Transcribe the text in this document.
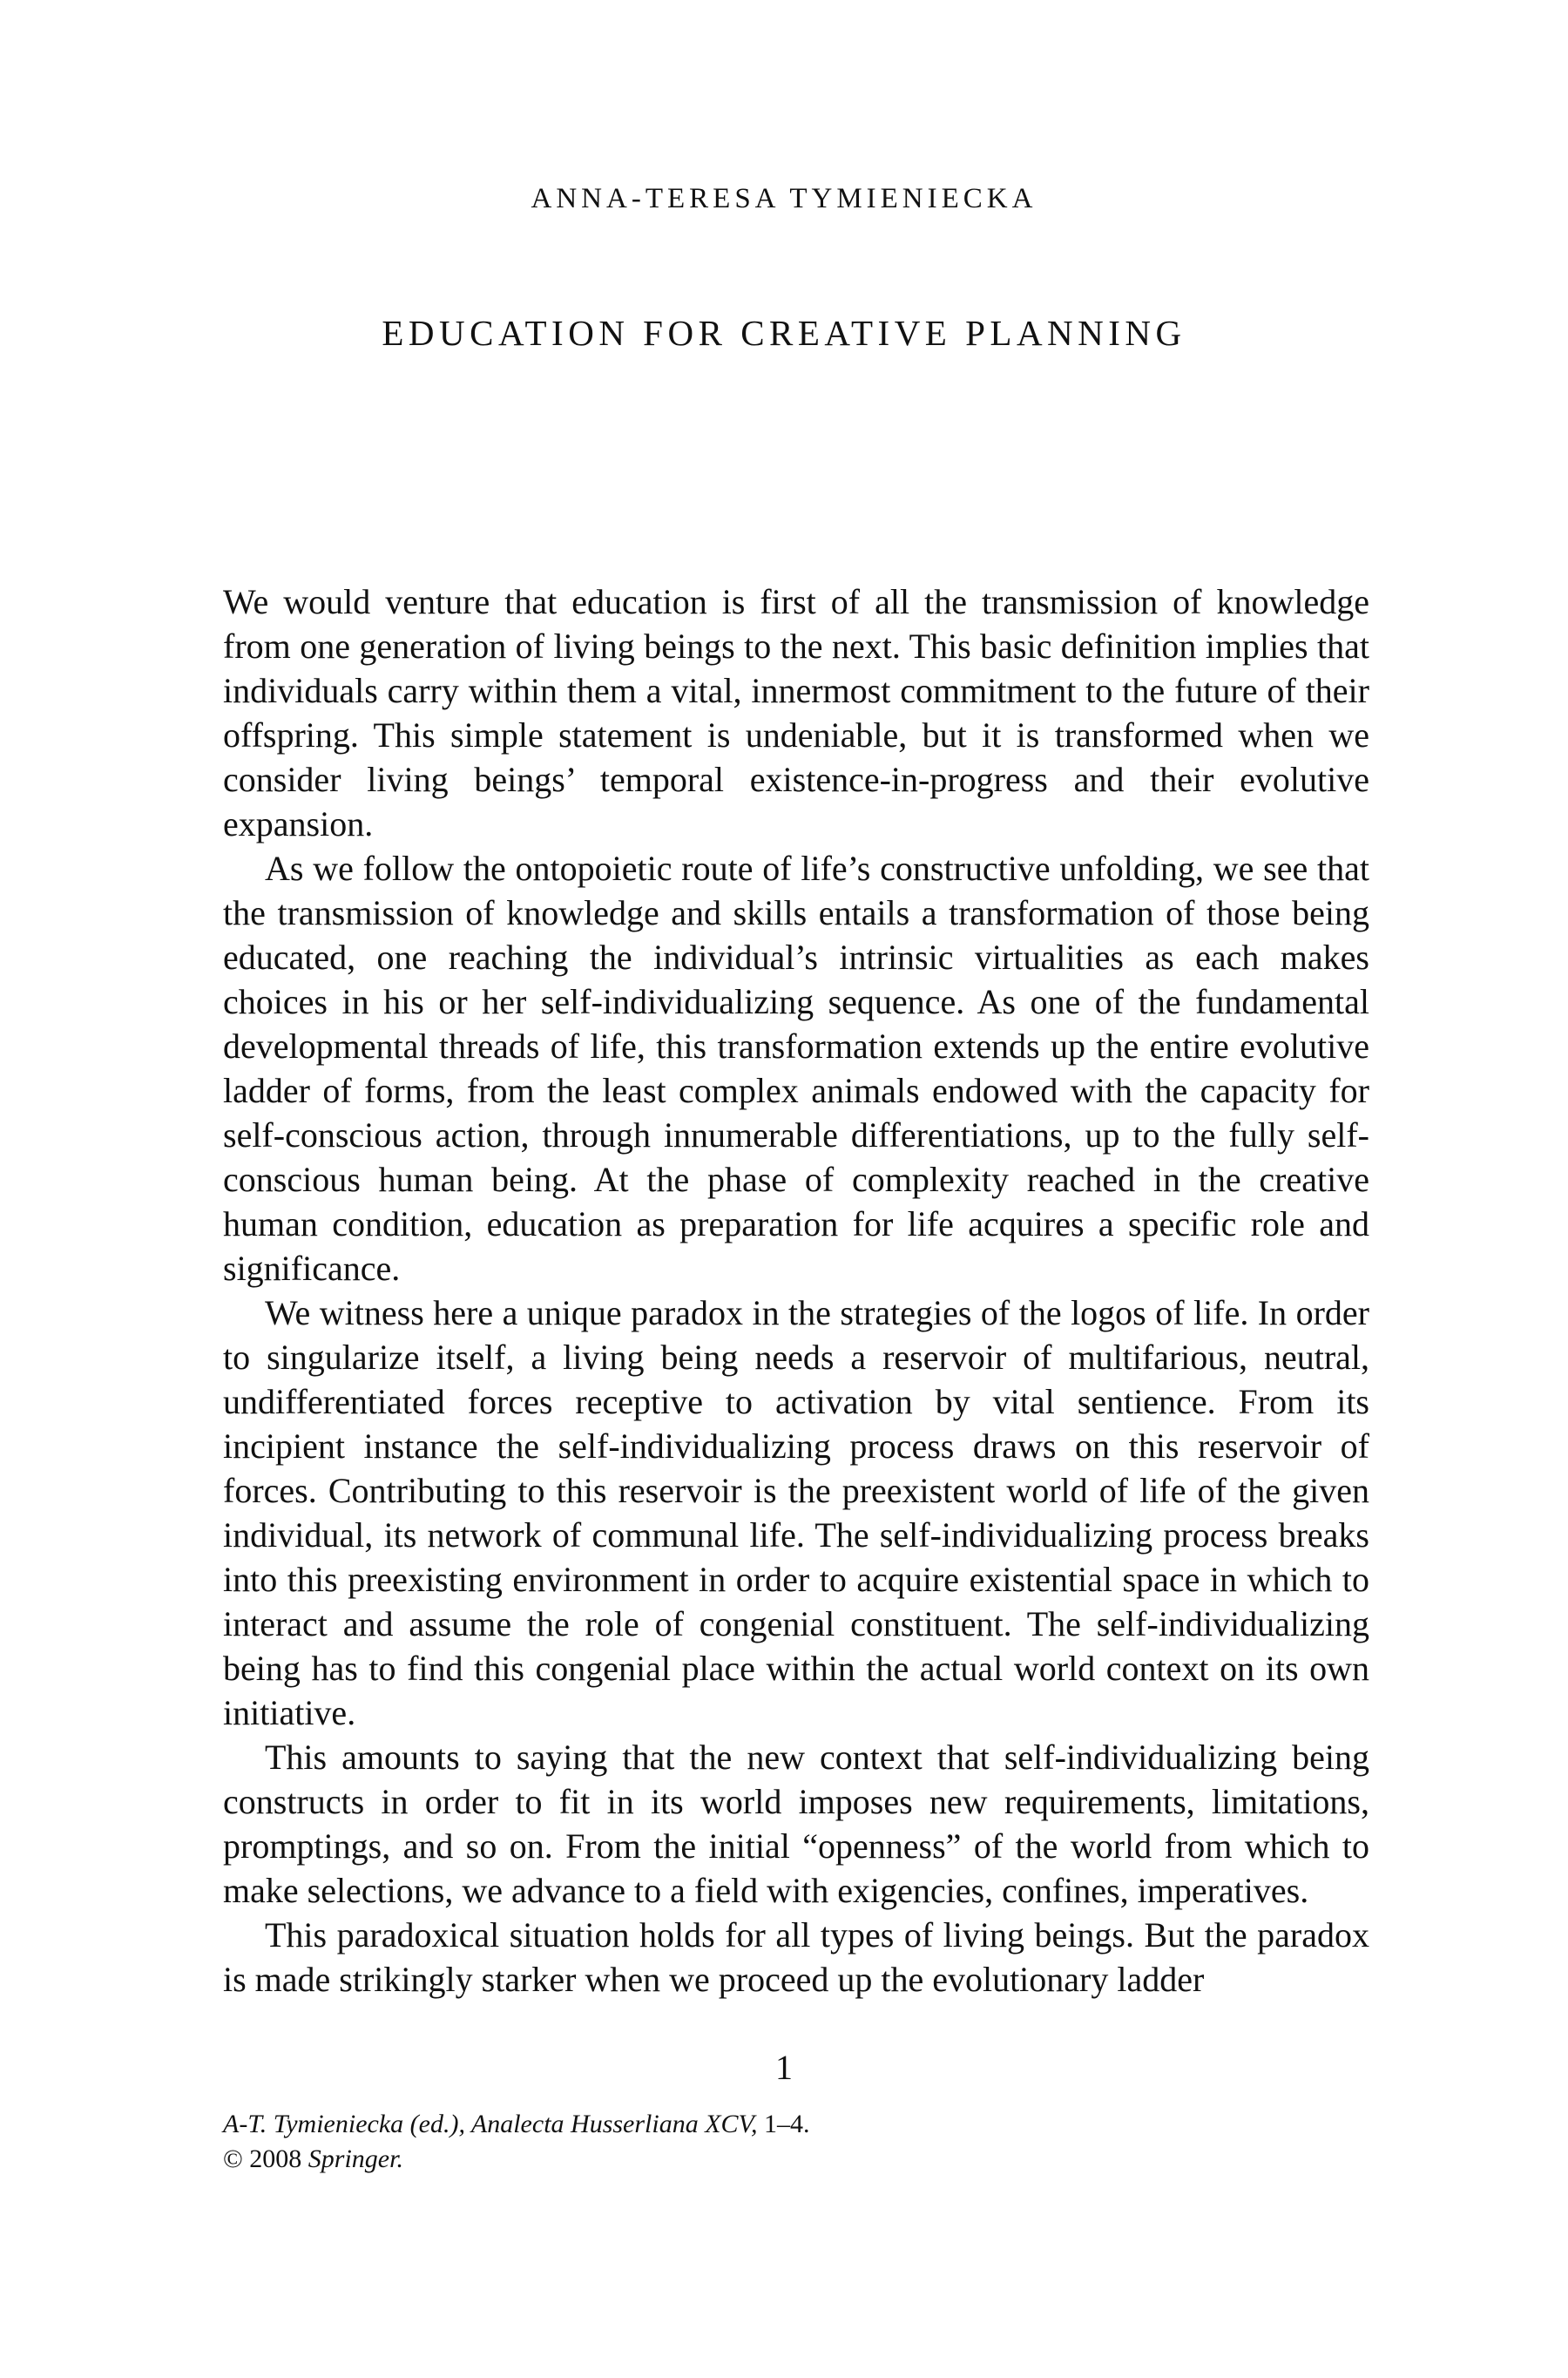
ANNA-TERESA TYMIENIECKA
EDUCATION FOR CREATIVE PLANNING

We would venture that education is first of all the transmission of knowledge from one generation of living beings to the next. This basic definition implies that individuals carry within them a vital, innermost commitment to the future of their offspring. This simple statement is undeniable, but it is transformed when we consider living beings’ temporal existence-in-progress and their evolutive expansion.

As we follow the ontopoietic route of life’s constructive unfolding, we see that the transmission of knowledge and skills entails a transformation of those being educated, one reaching the individual’s intrinsic virtualities as each makes choices in his or her self-individualizing sequence. As one of the fundamental developmental threads of life, this transformation extends up the entire evolutive ladder of forms, from the least complex animals endowed with the capacity for self-conscious action, through innumerable differentiations, up to the fully self-conscious human being. At the phase of complexity reached in the creative human condition, education as preparation for life acquires a specific role and significance.

We witness here a unique paradox in the strategies of the logos of life. In order to singularize itself, a living being needs a reservoir of multifarious, neutral, undifferentiated forces receptive to activation by vital sentience. From its incipient instance the self-individualizing process draws on this reservoir of forces. Contributing to this reservoir is the preexistent world of life of the given individual, its network of communal life. The self-individualizing process breaks into this preexisting environment in order to acquire existential space in which to interact and assume the role of congenial constituent. The self-individualizing being has to find this congenial place within the actual world context on its own initiative.

This amounts to saying that the new context that self-individualizing being constructs in order to fit in its world imposes new requirements, limitations, promptings, and so on. From the initial “openness” of the world from which to make selections, we advance to a field with exigencies, confines, imperatives.

This paradoxical situation holds for all types of living beings. But the paradox is made strikingly starker when we proceed up the evolutionary ladder

1
A-T. Tymieniecka (ed.), Analecta Husserliana XCV, 1–4.
© 2008 Springer.
